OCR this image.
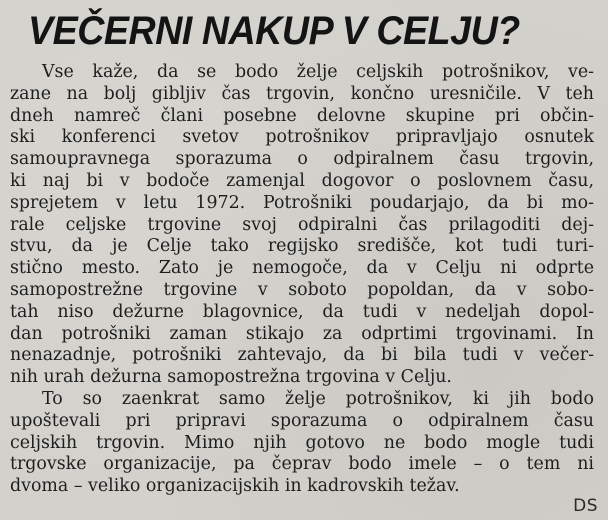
VEČERNI NAKUP V CELJU?
Vse kaže, da se bodo želje celjskih potrošnikov, ve-
zane na bolj gibljiv čas trgovin, končno uresničile. V teh
dneh namreč člani posebne delovne skupine pri občin-
ski konferenci svetov potrošnikov pripravljajo osnutek
samoupravnega sporazuma o odpiralnem času trgovin,
ki naj bi v bodoče zamenjal dogovor o poslovnem času,
sprejetem v letu 1972. Potrošniki poudarjajo, da bi mo-
rale celjske trgovine svoj odpiralni čas prilagoditi dej-
stvu, da je Celje tako regijsko središče, kot tudi turi-
stično mesto. Zato je nemogoče, da v Celju ni odprte
samopostrežne trgovine v soboto popoldan, da v sobo-
tah niso dežurne blagovnice, da tudi v nedeljah dopol-
dan potrošniki zaman stikajo za odprtimi trgovinami. In
nenazadnje, potrošniki zahtevajo, da bi bila tudi v večer-
nih urah dežurna samopostrežna trgovina v Celju.
To so zaenkrat samo želje potrošnikov, ki jih bodo
upoštevali pri pripravi sporazuma o odpiralnem času
celjskih trgovin. Mimo njih gotovo ne bodo mogle tudi
trgovske organizacije, pa čeprav bodo imele – o tem ni
dvoma – veliko organizacijskih in kadrovskih težav.
DS
